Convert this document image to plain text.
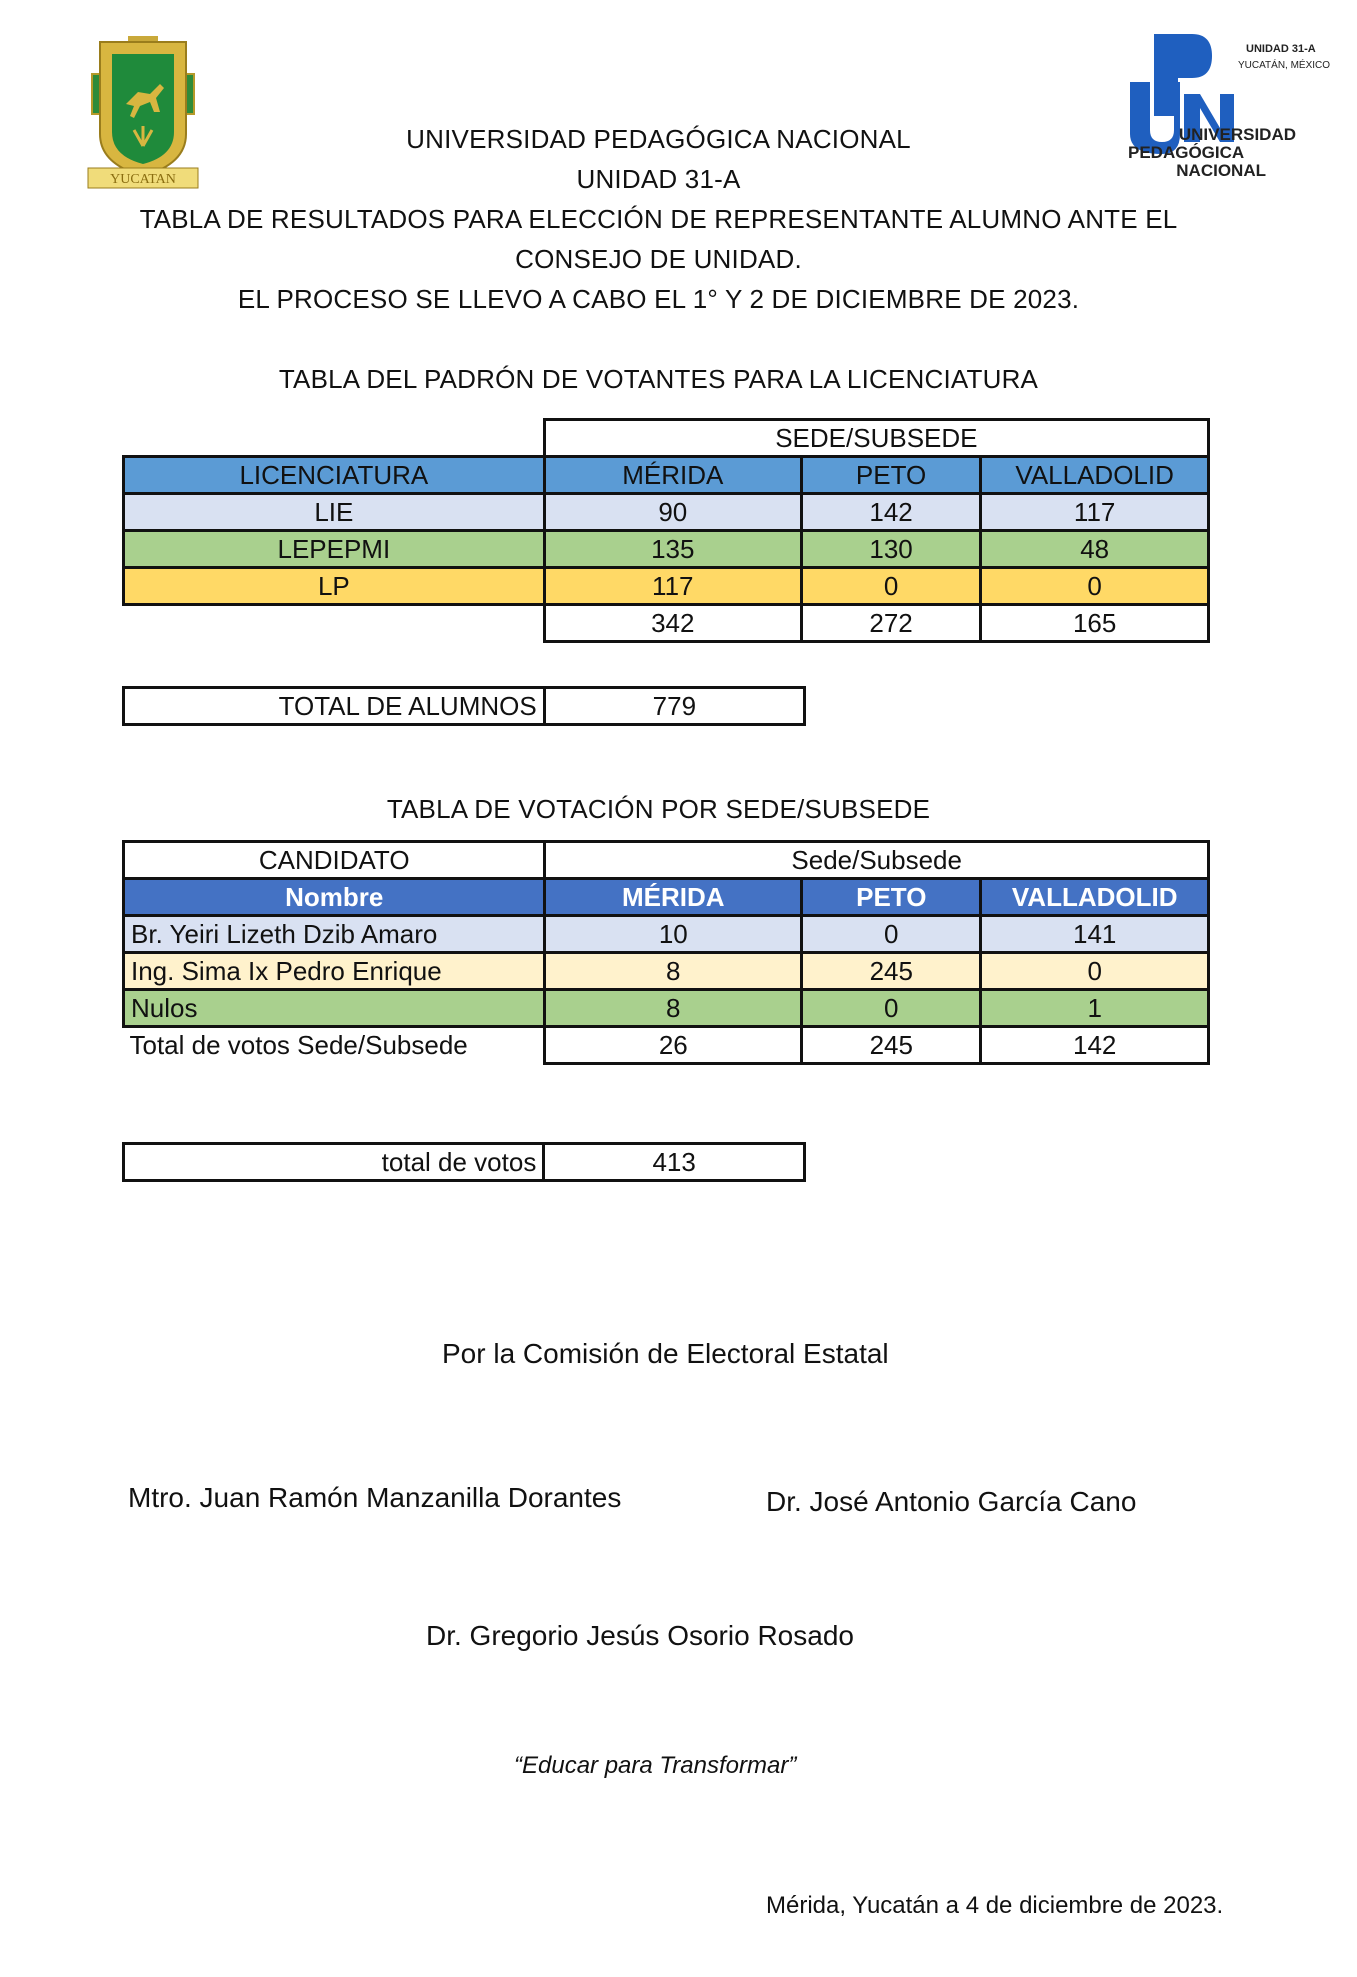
YUCATAN
UNIDAD 31-A
YUCATÁN, MÉXICO
UNIVERSIDAD
PEDAGÓGICA
NACIONAL
UNIVERSIDAD PEDAGÓGICA NACIONAL
UNIDAD 31-A
TABLA DE RESULTADOS PARA ELECCIÓN DE REPRESENTANTE ALUMNO ANTE EL
CONSEJO DE UNIDAD.
EL PROCESO SE LLEVO A CABO EL 1° Y 2 DE DICIEMBRE DE 2023.
TABLA DEL PADRÓN DE VOTANTES PARA LA LICENCIATURA
	SEDE/SUBSEDE		
LICENCIATURA	MÉRIDA	PETO	VALLADOLID
LIE	90	142	117
LEPEPMI	135	130	48
LP	117	0	0
	342	272	165
TOTAL DE ALUMNOS	779
TABLA DE VOTACIÓN POR SEDE/SUBSEDE
CANDIDATO	Sede/Subsede		
Nombre	MÉRIDA	PETO	VALLADOLID
Br. Yeiri Lizeth Dzib Amaro	10	0	141
Ing. Sima Ix Pedro Enrique	8	245	0
Nulos	8	0	1
Total de votos Sede/Subsede	26	245	142
total de votos	413
Por la Comisión de Electoral Estatal
Mtro. Juan Ramón Manzanilla Dorantes	Dr. José Antonio García Cano
Dr. Gregorio Jesús Osorio Rosado
“Educar para Transformar”
Mérida, Yucatán a 4 de diciembre de 2023.
